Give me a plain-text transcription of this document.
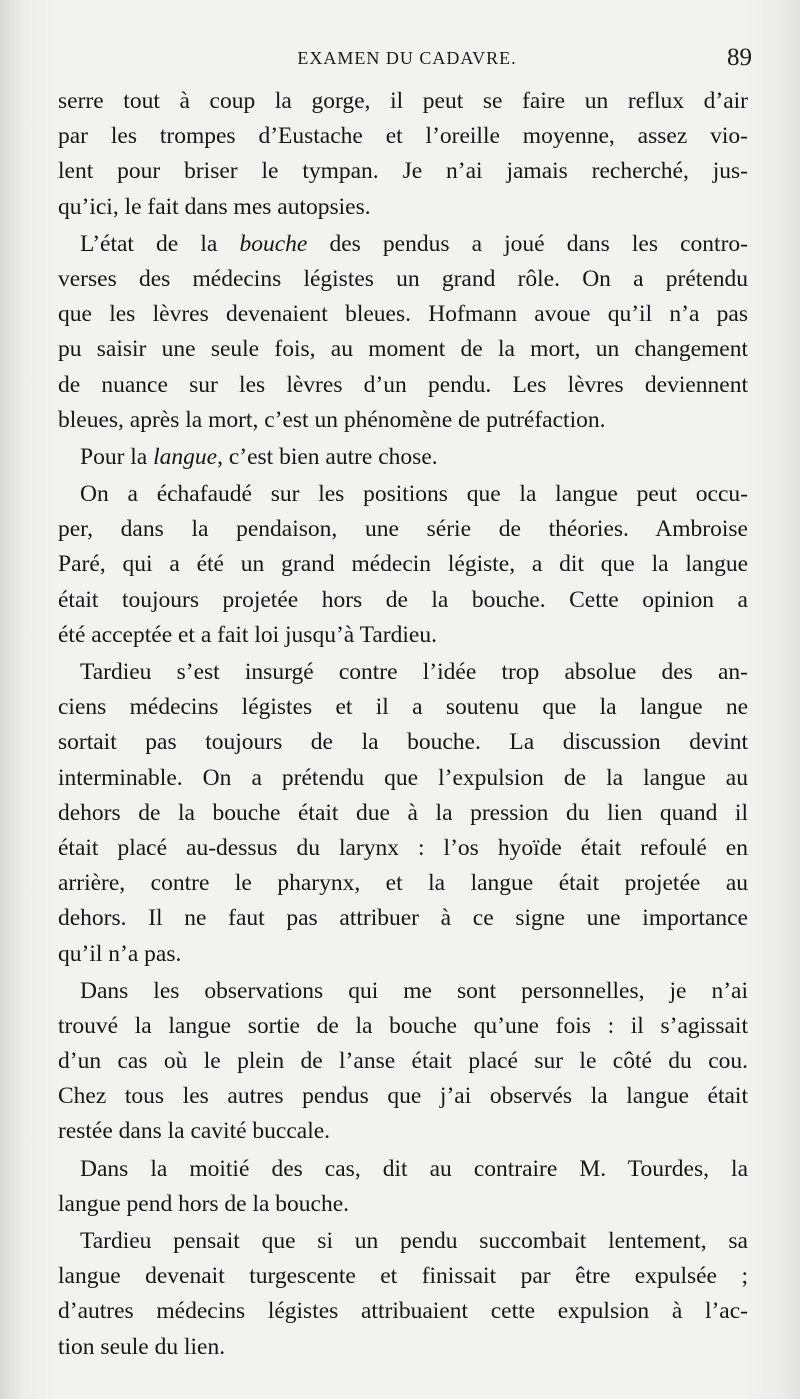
EXAMEN DU CADAVRE.	89
serre tout à coup la gorge, il peut se faire un reflux d’air
par les trompes d’Eustache et l’oreille moyenne, assez vio-
lent pour briser le tympan. Je n’ai jamais recherché, jus-
qu’ici, le fait dans mes autopsies.
L’état de la bouche des pendus a joué dans les contro-
verses des médecins légistes un grand rôle. On a prétendu
que les lèvres devenaient bleues. Hofmann avoue qu’il n’a pas
pu saisir une seule fois, au moment de la mort, un changement
de nuance sur les lèvres d’un pendu. Les lèvres deviennent
bleues, après la mort, c’est un phénomène de putréfaction.
Pour la langue, c’est bien autre chose.
On a échafaudé sur les positions que la langue peut occu-
per, dans la pendaison, une série de théories. Ambroise
Paré, qui a été un grand médecin légiste, a dit que la langue
était toujours projetée hors de la bouche. Cette opinion a
été acceptée et a fait loi jusqu’à Tardieu.
Tardieu s’est insurgé contre l’idée trop absolue des an-
ciens médecins légistes et il a soutenu que la langue ne
sortait pas toujours de la bouche. La discussion devint
interminable. On a prétendu que l’expulsion de la langue au
dehors de la bouche était due à la pression du lien quand il
était placé au-dessus du larynx : l’os hyoïde était refoulé en
arrière, contre le pharynx, et la langue était projetée au
dehors. Il ne faut pas attribuer à ce signe une importance
qu’il n’a pas.
Dans les observations qui me sont personnelles, je n’ai
trouvé la langue sortie de la bouche qu’une fois : il s’agissait
d’un cas où le plein de l’anse était placé sur le côté du cou.
Chez tous les autres pendus que j’ai observés la langue était
restée dans la cavité buccale.
Dans la moitié des cas, dit au contraire M. Tourdes, la
langue pend hors de la bouche.
Tardieu pensait que si un pendu succombait lentement, sa
langue devenait turgescente et finissait par être expulsée ;
d’autres médecins légistes attribuaient cette expulsion à l’ac-
tion seule du lien.
